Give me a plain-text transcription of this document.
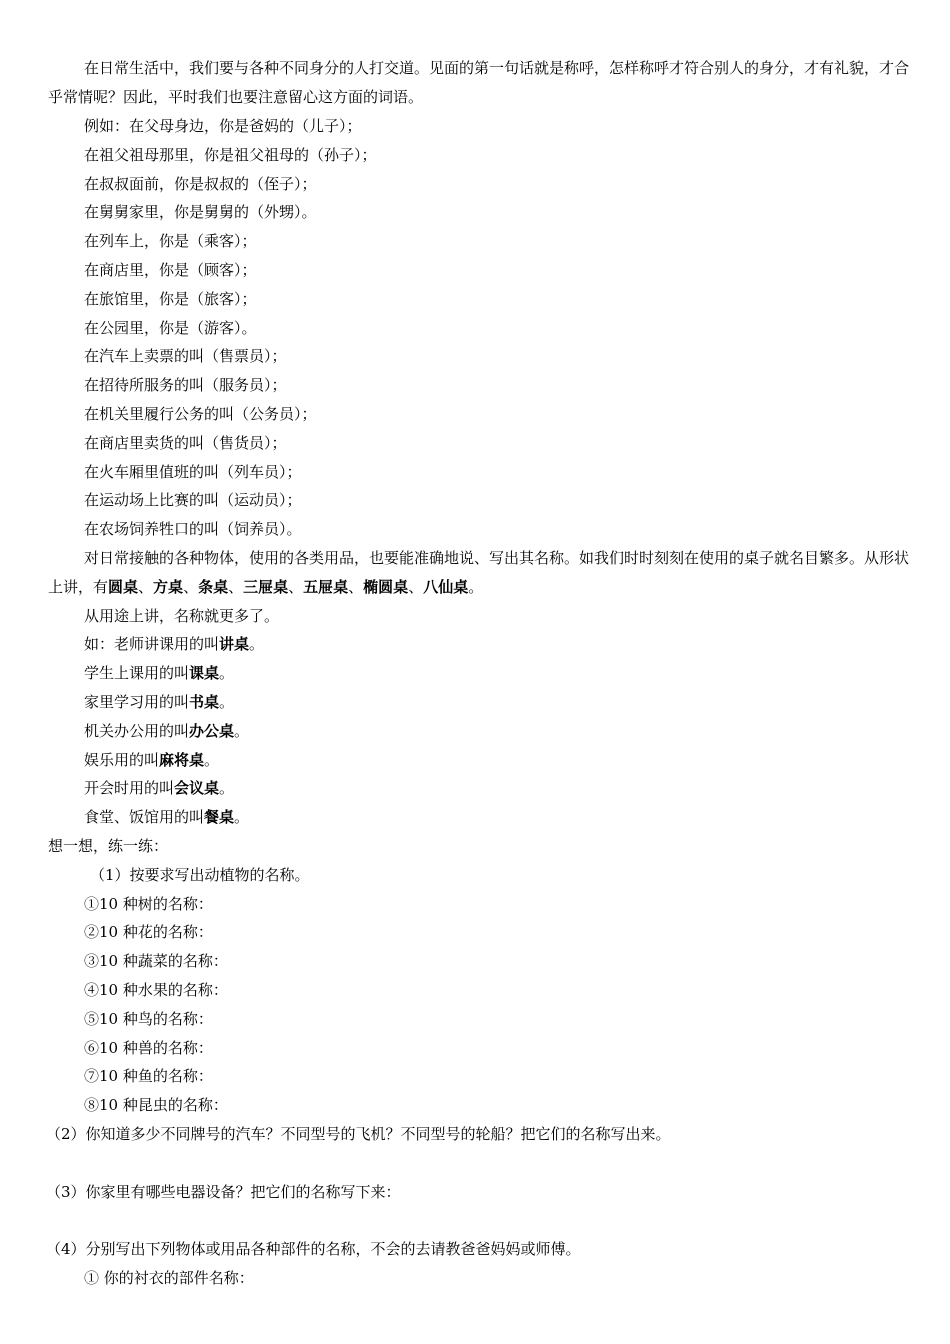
在日常生活中，我们要与各种不同身分的人打交道。见面的第一句话就是称呼，怎样称呼才符合别人的身分，才有礼貌，才合乎常情呢？因此，平时我们也要注意留心这方面的词语。

例如：在父母身边，你是爸妈的（儿子）；

在祖父祖母那里，你是祖父祖母的（孙子）；

在叔叔面前，你是叔叔的（侄子）；

在舅舅家里，你是舅舅的（外甥）。

在列车上，你是（乘客）；

在商店里，你是（顾客）；

在旅馆里，你是（旅客）；

在公园里，你是（游客）。

在汽车上卖票的叫（售票员）；

在招待所服务的叫（服务员）；

在机关里履行公务的叫（公务员）；

在商店里卖货的叫（售货员）；

在火车厢里值班的叫（列车员）；

在运动场上比赛的叫（运动员）；

在农场饲养牲口的叫（饲养员）。

对日常接触的各种物体，使用的各类用品，也要能准确地说、写出其名称。如我们时时刻刻在使用的桌子就名目繁多。从形状上讲，有圆桌、方桌、条桌、三屉桌、五屉桌、椭圆桌、八仙桌。

从用途上讲，名称就更多了。

如：老师讲课用的叫讲桌。

学生上课用的叫课桌。

家里学习用的叫书桌。

机关办公用的叫办公桌。

娱乐用的叫麻将桌。

开会时用的叫会议桌。

食堂、饭馆用的叫餐桌。

想一想，练一练：

（1）按要求写出动植物的名称。

①10 种树的名称：

②10 种花的名称：

③10 种蔬菜的名称：

④10 种水果的名称：

⑤10 种鸟的名称：

⑥10 种兽的名称：

⑦10 种鱼的名称：

⑧10 种昆虫的名称：

（2）你知道多少不同牌号的汽车？不同型号的飞机？不同型号的轮船？把它们的名称写出来。

（3）你家里有哪些电器设备？把它们的名称写下来：

（4）分别写出下列物体或用品各种部件的名称，不会的去请教爸爸妈妈或师傅。

① 你的衬衣的部件名称：
